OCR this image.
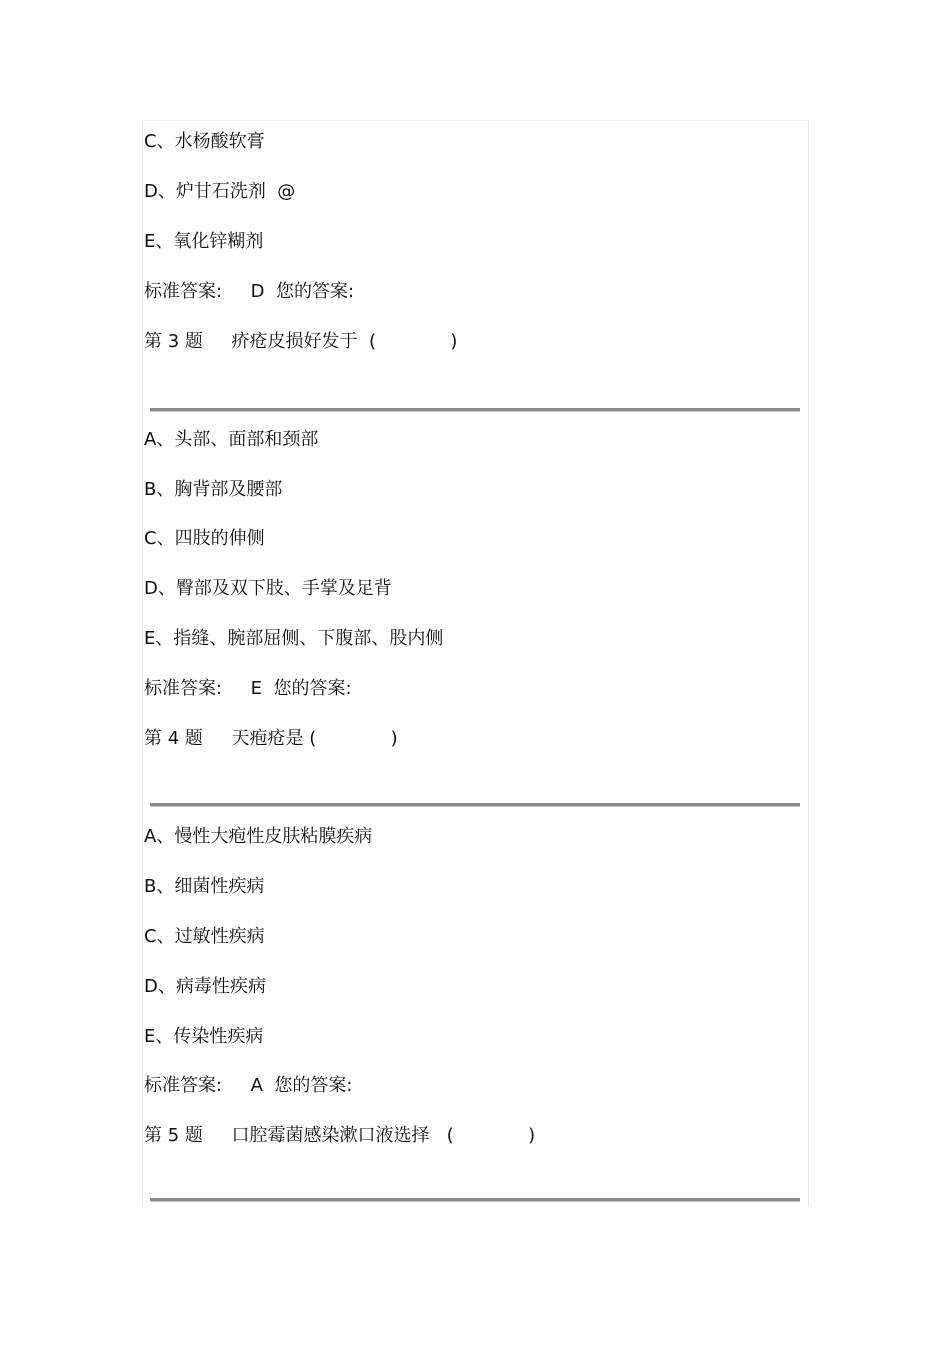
C、水杨酸软膏
D、炉甘石洗剂  @
E、氧化锌糊剂
标准答案:     D  您的答案:
第 3 题     疥疮皮损好发于  (             )
A、头部、面部和颈部
B、胸背部及腰部
C、四肢的伸侧
D、臀部及双下肢、手掌及足背
E、指缝、腕部屈侧、下腹部、股内侧
标准答案:     E  您的答案:
第 4 题     天疱疮是 (             )
A、慢性大疱性皮肤粘膜疾病
B、细菌性疾病
C、过敏性疾病
D、病毒性疾病
E、传染性疾病
标准答案:     A  您的答案:
第 5 题     口腔霉菌感染漱口液选择   (             )
